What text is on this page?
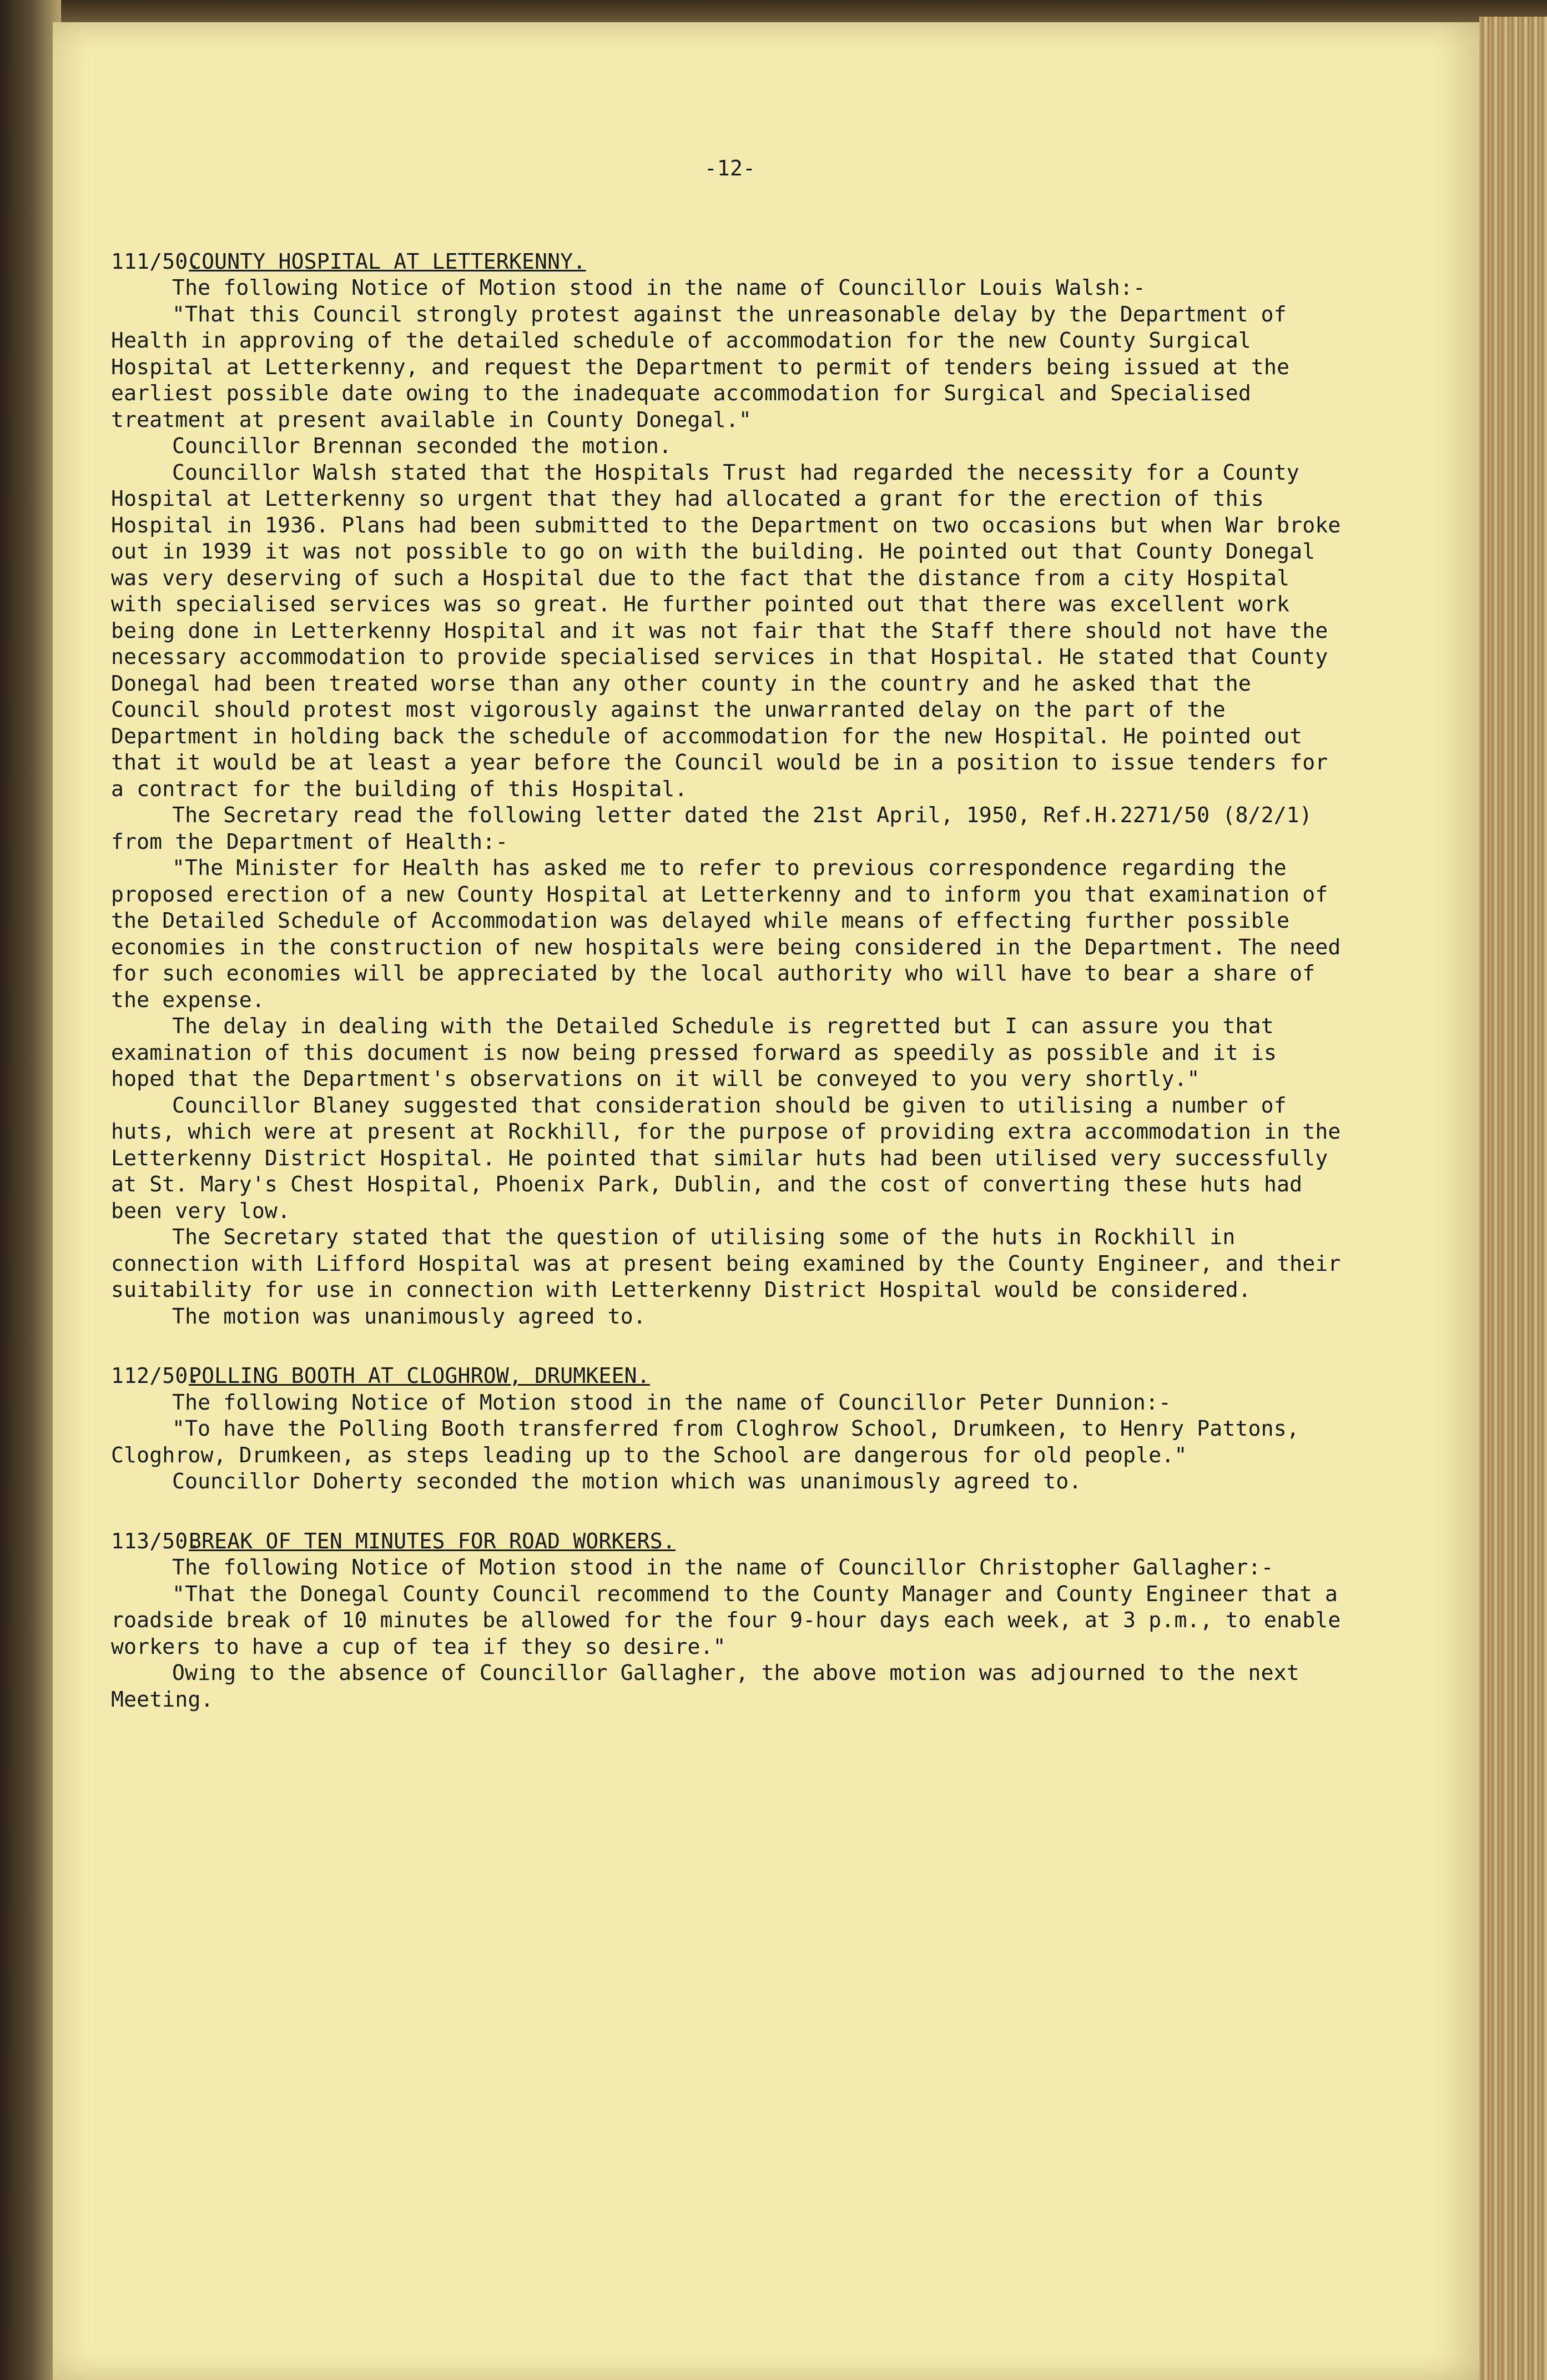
-12-
111/50.COUNTY HOSPITAL AT LETTERKENNY.

The following Notice of Motion stood in the name of Councillor Louis Walsh:-

"That this Council strongly protest against the unreasonable delay by the Department of Health in approving of the detailed schedule of accommodation for the new County Surgical Hospital at Letterkenny, and request the Department to permit of tenders being issued at the earliest possible date owing to the inadequate accommodation for Surgical and Specialised treatment at present available in County Donegal."

Councillor Brennan seconded the motion.

Councillor Walsh stated that the Hospitals Trust had regarded the necessity for a County Hospital at Letterkenny so urgent that they had allocated a grant for the erection of this Hospital in 1936. Plans had been submitted to the Department on two occasions but when War broke out in 1939 it was not possible to go on with the building. He pointed out that County Donegal was very deserving of such a Hospital due to the fact that the distance from a city Hospital with specialised services was so great. He further pointed out that there was excellent work being done in Letterkenny Hospital and it was not fair that the Staff there should not have the necessary accommodation to provide specialised services in that Hospital. He stated that County Donegal had been treated worse than any other county in the country and he asked that the Council should protest most vigorously against the unwarranted delay on the part of the Department in holding back the schedule of accommodation for the new Hospital. He pointed out that it would be at least a year before the Council would be in a position to issue tenders for a contract for the building of this Hospital.

The Secretary read the following letter dated the 21st April, 1950, Ref.H.2271/50 (8/2/1) from the Department of Health:-

"The Minister for Health has asked me to refer to previous correspondence regarding the proposed erection of a new County Hospital at Letterkenny and to inform you that examination of the Detailed Schedule of Accommodation was delayed while means of effecting further possible economies in the construction of new hospitals were being considered in the Department. The need for such economies will be appreciated by the local authority who will have to bear a share of the expense.

The delay in dealing with the Detailed Schedule is regretted but I can assure you that examination of this document is now being pressed forward as speedily as possible and it is hoped that the Department's observations on it will be conveyed to you very shortly."

Councillor Blaney suggested that consideration should be given to utilising a number of huts, which were at present at Rockhill, for the purpose of providing extra accommodation in the Letterkenny District Hospital. He pointed that similar huts had been utilised very successfully at St. Mary's Chest Hospital, Phoenix Park, Dublin, and the cost of converting these huts had been very low.

The Secretary stated that the question of utilising some of the huts in Rockhill in connection with Lifford Hospital was at present being examined by the County Engineer, and their suitability for use in connection with Letterkenny District Hospital would be considered.

The motion was unanimously agreed to.

112/50.POLLING BOOTH AT CLOGHROW, DRUMKEEN.

The following Notice of Motion stood in the name of Councillor Peter Dunnion:-

"To have the Polling Booth transferred from Cloghrow School, Drumkeen, to Henry Pattons, Cloghrow, Drumkeen, as steps leading up to the School are dangerous for old people."

Councillor Doherty seconded the motion which was unanimously agreed to.

113/50.BREAK OF TEN MINUTES FOR ROAD WORKERS.

The following Notice of Motion stood in the name of Councillor Christopher Gallagher:-

"That the Donegal County Council recommend to the County Manager and County Engineer that a roadside break of 10 minutes be allowed for the four 9-hour days each week, at 3 p.m., to enable workers to have a cup of tea if they so desire."

Owing to the absence of Councillor Gallagher, the above motion was adjourned to the next Meeting.
